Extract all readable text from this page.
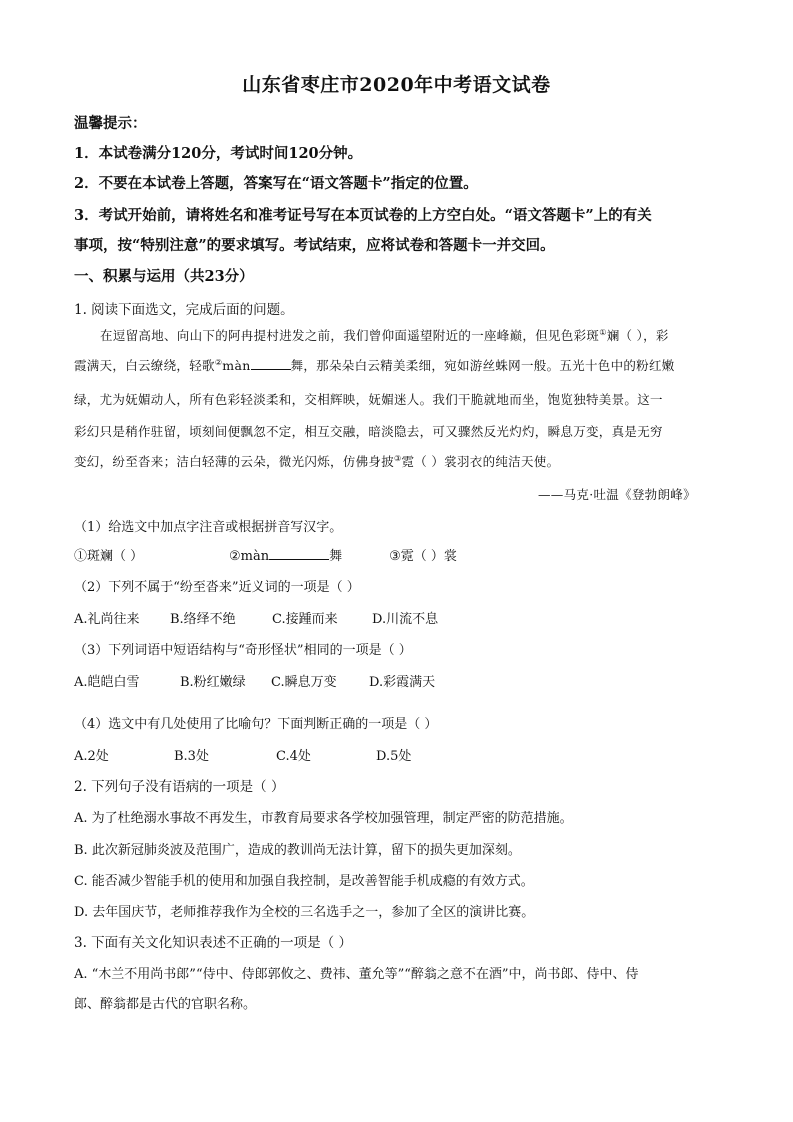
山东省枣庄市2020年中考语文试卷
温馨提示：
1．本试卷满分120分，考试时间120分钟。
2．不要在本试卷上答题，答案写在“语文答题卡”指定的位置。
3．考试开始前，请将姓名和准考证号写在本页试卷的上方空白处。“语文答题卡”上的有关
事项，按“特别注意”的要求填写。考试结束，应将试卷和答题卡一并交回。
一、积累与运用（共23分）
1. 阅读下面选文，完成后面的问题。
在逗留高地、向山下的阿冉提村进发之前，我们曾仰面遥望附近的一座峰巅，但见色彩斑①斓（ ），彩
霞满天，白云缭绕，轻歌②màn	舞，那朵朵白云精美柔细，宛如游丝蛛网一般。五光十色中的粉红嫩
绿，尤为妩媚动人，所有色彩轻淡柔和，交相辉映，妩媚迷人。我们干脆就地而坐，饱览独特美景。这一
彩幻只是稍作驻留，顷刻间便飘忽不定，相互交融，暗淡隐去，可又骤然反光灼灼，瞬息万变，真是无穷
变幻，纷至沓来；洁白轻薄的云朵，微光闪烁，仿佛身披③霓（ ）裳羽衣的纯洁天使。
——马克·吐温《登勃朗峰》
（1）给选文中加点字注音或根据拼音写汉字。
①斑斓（ ）	②màn	舞	③霓（ ）裳
（2）下列不属于“纷至沓来”近义词的一项是（ ）
A.礼尚往来 B.络绎不绝	C.接踵而来	D.川流不息
（3）下列词语中短语结构与“奇形怪状”相同的一项是（ ）
A.皑皑白雪	B.粉红嫩绿 C.瞬息万变 D.彩霞满天
（4）选文中有几处使用了比喻句？下面判断正确的一项是（ ）
A.2处	B.3处	C.4处	D.5处
2. 下列句子没有语病的一项是（ ）
A. 为了杜绝溺水事故不再发生，市教育局要求各学校加强管理，制定严密的防范措施。
B. 此次新冠肺炎波及范围广，造成的教训尚无法计算，留下的损失更加深刻。
C. 能否减少智能手机的使用和加强自我控制，是改善智能手机成瘾的有效方式。
D. 去年国庆节，老师推荐我作为全校的三名选手之一，参加了全区的演讲比赛。
3. 下面有关文化知识表述不正确的一项是（ ）
A. “木兰不用尚书郎”“侍中、侍郎郭攸之、费祎、董允等”“醉翁之意不在酒”中，尚书郎、侍中、侍
郎、醉翁都是古代的官职名称。
